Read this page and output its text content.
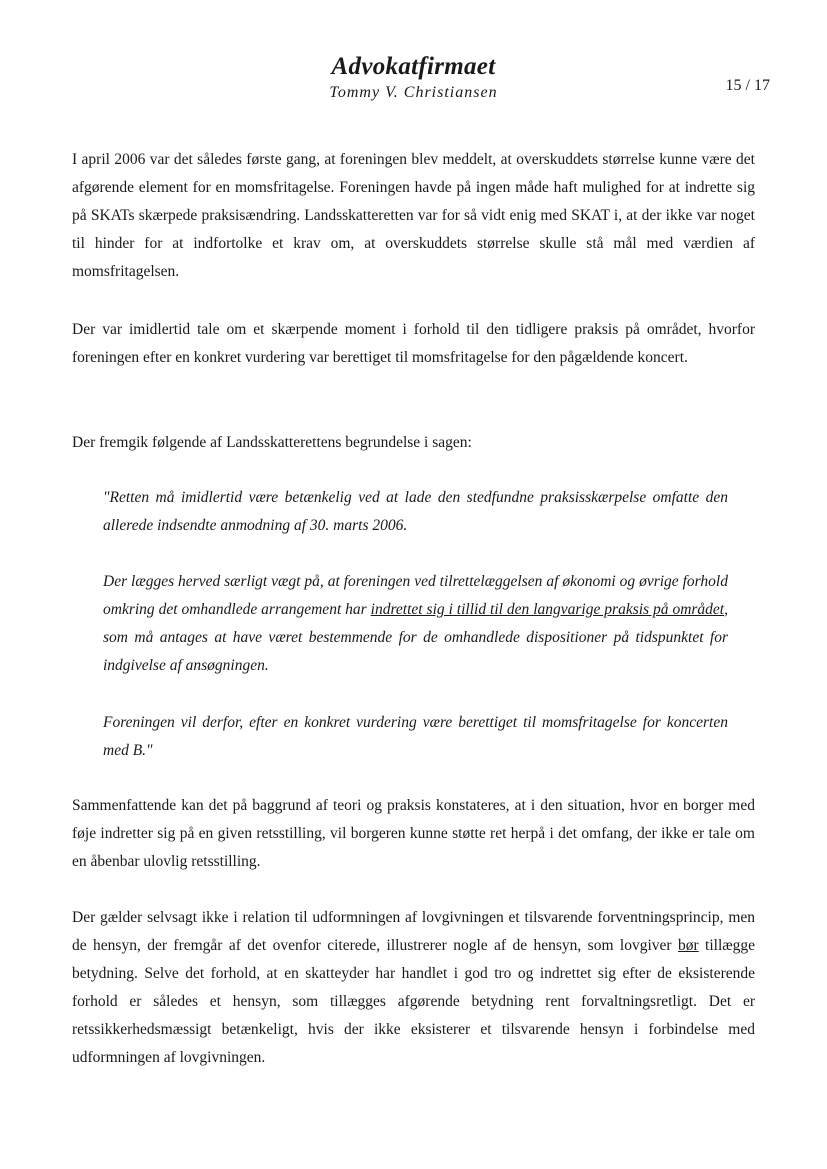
Advokatfirmaet
Tommy V. Christiansen	15 / 17

I april 2006 var det således første gang, at foreningen blev meddelt, at overskuddets størrelse kunne være det afgørende element for en momsfritagelse. Foreningen havde på ingen måde haft mulighed for at indrette sig på SKATs skærpede praksisændring. Landsskatteretten var for så vidt enig med SKAT i, at der ikke var noget til hinder for at indfortolke et krav om, at overskuddets størrelse skulle stå mål med værdien af momsfritagelsen.

Der var imidlertid tale om et skærpende moment i forhold til den tidligere praksis på området, hvorfor foreningen efter en konkret vurdering var berettiget til momsfritagelse for den pågældende koncert.

Der fremgik følgende af Landsskatterettens begrundelse i sagen:

"Retten må imidlertid være betænkelig ved at lade den stedfundne praksisskærpelse omfatte den allerede indsendte anmodning af 30. marts 2006.

Der lægges herved særligt vægt på, at foreningen ved tilrettelæggelsen af økonomi og øvrige forhold omkring det omhandlede arrangement har indrettet sig i tillid til den langvarige praksis på området, som må antages at have været bestemmende for de omhandlede dispositioner på tidspunktet for indgivelse af ansøgningen.

Foreningen vil derfor, efter en konkret vurdering være berettiget til momsfritagelse for koncerten med B."

Sammenfattende kan det på baggrund af teori og praksis konstateres, at i den situation, hvor en borger med føje indretter sig på en given retsstilling, vil borgeren kunne støtte ret herpå i det omfang, der ikke er tale om en åbenbar ulovlig retsstilling.

Der gælder selvsagt ikke i relation til udformningen af lovgivningen et tilsvarende forventningsprincip, men de hensyn, der fremgår af det ovenfor citerede, illustrerer nogle af de hensyn, som lovgiver bør tillægge betydning. Selve det forhold, at en skatteyder har handlet i god tro og indrettet sig efter de eksisterende forhold er således et hensyn, som tillægges afgørende betydning rent forvaltningsretligt. Det er retssikkerhedsmæssigt betænkeligt, hvis der ikke eksisterer et tilsvarende hensyn i forbindelse med udformningen af lovgivningen.
